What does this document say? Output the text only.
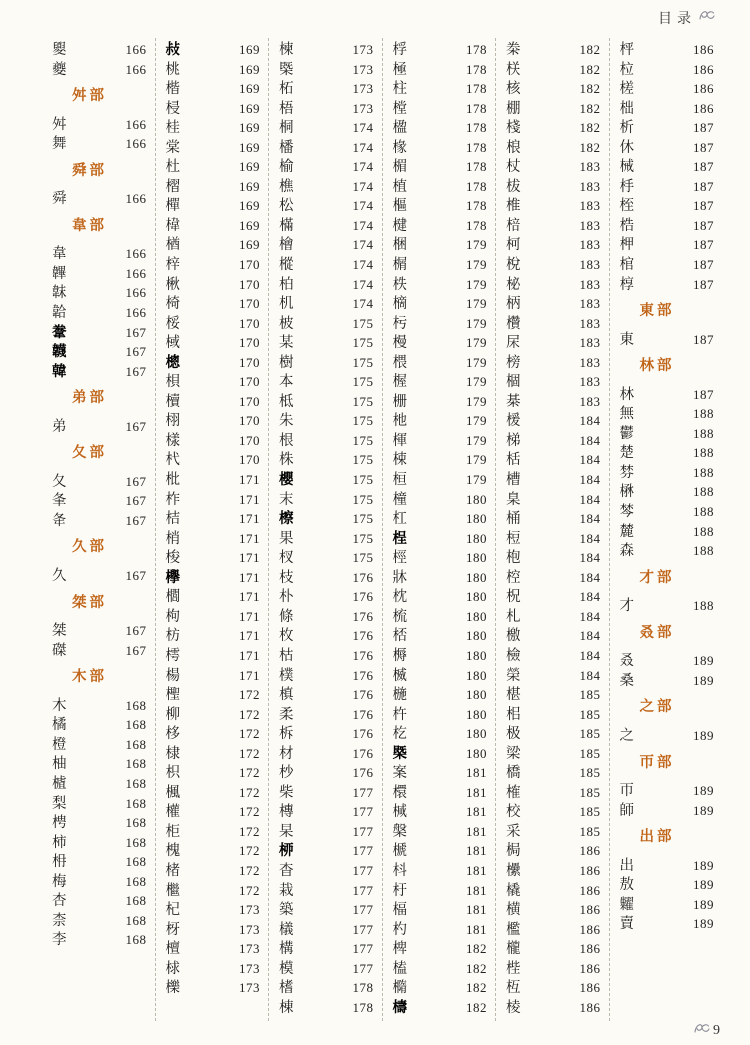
目录
夓	166
夔	166
舛部
舛	166
舞	166
舜部
舜	166
韋部
韋	166
韠	166
韎	166
韐	166
韏	167
韤	167
韓	167
弟部
弟	167
夂部
夂	167
夆	167
夅	167
久部
久	167
桀部
桀	167
磔	167
木部
木	168
橘	168
橙	168
柚	168
樝	168
梨	168
梬	168
柿	168
枏	168
梅	168
杏	168
柰	168
李	168
敊	169
桃	169
楷	169
梫	169
桂	169
棠	169
杜	169
槢	169
樿	169
椲	169
楢	169
梓	170
楸	170
椅	170
桵	170
棫	170
樬	170
梖	170
櫝	170
栩	170
樣	170
杙	170
枇	171
柞	171
桔	171
梢	171
梭	171
欅	171
櫚	171
枸	171
枋	171
樗	171
楊	171
檉	172
柳	172
栘	172
棣	172
枳	172
楓	172
權	172
柜	172
槐	172
楮	172
檵	172
杞	173
枒	173
檀	173
梂	173
櫟	173
楝	173
㮣	173
柘	173
梧	173
桐	174
橎	174
榆	174
樵	174
松	174
樠	174
檜	174
樅	174
柏	174
机	174
柀	175
某	175
樹	175
本	175
柢	175
朱	175
根	175
株	175
櫻	175
末	175
檫	175
果	175
杈	175
枝	176
朴	176
條	176
枚	176
枯	176
樸	176
槙	176
柔	176
柝	176
材	176
杪	176
柴	177
槫	177
杲	177
桺	177
杳	177
栽	177
築	177
檥	177
構	177
模	177
榰	178
棟	178
桴	178
極	178
柱	178
樘	178
楹	178
椽	178
楣	178
植	178
樞	178
楗	178
梱	179
榍	179
柣	179
樀	179
杇	179
槾	179
椳	179
楃	179
栅	179
杝	179
楎	179
梀	179
桓	179
橦	180
杠	180
桯	180
桱	180
牀	180
枕	180
梳	180
桮	180
槈	180
楲	180
椸	180
杵	180
杚	180
槩	180
案	181
檈	181
椷	181
槃	181
榹	181
枓	181
杅	181
楅	181
杓	181
椑	182
榼	182
橢	182
檮	182
桊	182
栚	182
核	182
棚	182
棧	182
桹	182
杖	183
柭	183
椎	183
棓	183
柯	183
梲	183
柲	183
柄	183
欑	183
杘	183
榜	183
棝	183
棊	183
楥	184
梯	184
栝	184
槽	184
臬	184
桶	184
梪	184
枹	184
椌	184
柷	184
札	184
檄	184
檢	184
榮	184
椹	185
㭒	185
极	185
梁	185
橋	185
榷	185
校	185
采	185
梮	186
欙	186
橇	186
横	186
檻	186
櫳	186
梐	186
枑	186
棱	186
枰	186
柆	186
槎	186
柮	186
析	187
休	187
械	187
杽	187
桎	187
梏	187
柙	187
棺	187
椁	187
東部
東	187
林部
林	187
無	188
鬱	188
楚	188
棼	188
楙	188
棽	188
麓	188
森	188
才部
才	188
叒部
叒	189
桑	189
之部
之	189
帀部
帀	189
師	189
出部
出	189
敖	189
糶	189
賣	189
9
